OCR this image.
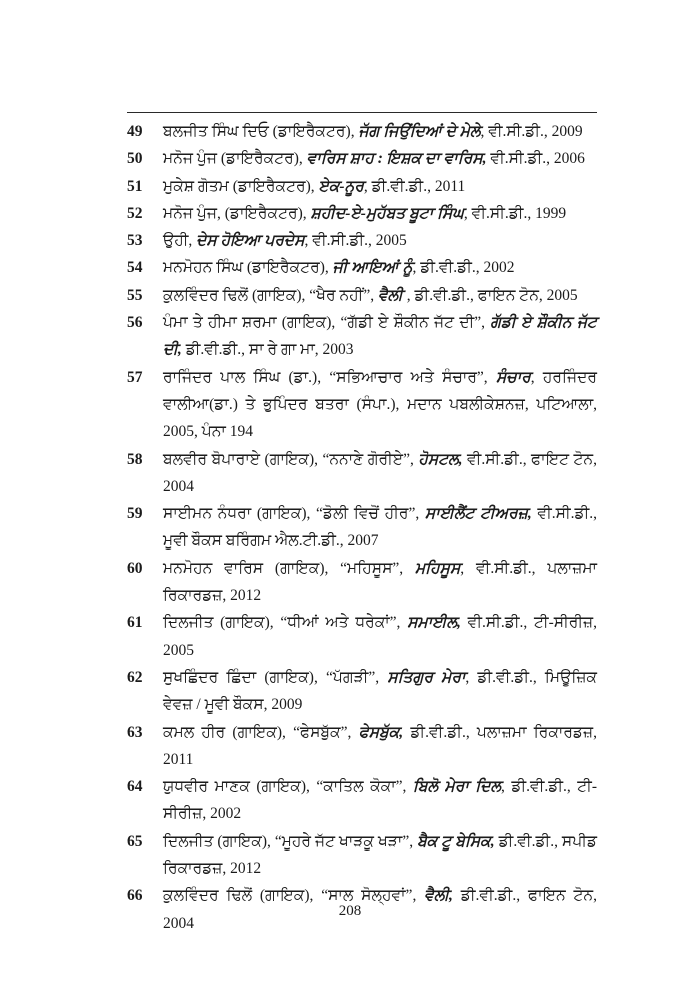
49	ਬਲਜੀਤ ਸਿੰਘ ਦਿਓ (ਡਾਇਰੈਕਟਰ), ਜੱਗ ਜਿਉਂਦਿਆਂ ਦੇ ਮੇਲੇ, ਵੀ.ਸੀ.ਡੀ., 2009
50	ਮਨੋਜ ਪੁੰਜ (ਡਾਇਰੈਕਟਰ), ਵਾਰਿਸ ਸ਼ਾਹ : ਇਸ਼ਕ ਦਾ ਵਾਰਿਸ, ਵੀ.ਸੀ.ਡੀ., 2006
51	ਮੁਕੇਸ਼ ਗੋਤਮ (ਡਾਇਰੈਕਟਰ), ਏਕ-ਨੂਰ, ਡੀ.ਵੀ.ਡੀ., 2011
52	ਮਨੋਜ ਪੁੰਜ, (ਡਾਇਰੈਕਟਰ), ਸ਼ਹੀਦ-ਏ-ਮੁਹੱਬਤ ਬੂਟਾ ਸਿੰਘ, ਵੀ.ਸੀ.ਡੀ., 1999
53	ਉਹੀ, ਦੇਸ ਹੋਇਆ ਪਰਦੇਸ, ਵੀ.ਸੀ.ਡੀ., 2005
54	ਮਨਮੋਹਨ ਸਿੰਘ (ਡਾਇਰੈਕਟਰ), ਜੀ ਆਇਆਂ ਨੂੰ, ਡੀ.ਵੀ.ਡੀ., 2002
55	ਕੁਲਵਿੰਦਰ ਢਿਲੋਂ (ਗਾਇਕ), “ਖੈਰ ਨਹੀਂ”, ਵੈਲੀ , ਡੀ.ਵੀ.ਡੀ., ਫਾਇਨ ਟੋਨ, 2005
56	ਪੰਮਾ ਤੇ ਹੀਮਾ ਸ਼ਰਮਾ (ਗਾਇਕ), “ਗੱਡੀ ਏ ਸ਼ੌਕੀਨ ਜੱਟ ਦੀ”, ਗੱਡੀ ਏ ਸ਼ੌਕੀਨ ਜੱਟ ਦੀ, ਡੀ.ਵੀ.ਡੀ., ਸਾ ਰੇ ਗਾ ਮਾ, 2003
57	ਰਾਜਿੰਦਰ ਪਾਲ ਸਿੰਘ (ਡਾ.), “ਸਭਿਆਚਾਰ ਅਤੇ ਸੰਚਾਰ”, ਸੰਚਾਰ, ਹਰਜਿੰਦਰ ਵਾਲੀਆ(ਡਾ.) ਤੇ ਭੁਪਿੰਦਰ ਬਤਰਾ (ਸੰਪਾ.), ਮਦਾਨ ਪਬਲੀਕੇਸ਼ਨਜ਼, ਪਟਿਆਲਾ, 2005, ਪੰਨਾ 194
58	ਬਲਵੀਰ ਬੋਪਾਰਾਏ (ਗਾਇਕ), “ਨਨਾਣੇ ਗੋਰੀਏ”, ਹੋਸਟਲ, ਵੀ.ਸੀ.ਡੀ., ਫਾਇਟ ਟੋਨ, 2004
59	ਸਾਈਮਨ ਨੰਧਰਾ (ਗਾਇਕ), “ਡੋਲੀ ਵਿਚੋਂ ਹੀਰ”, ਸਾਈਲੈਂਟ ਟੀਅਰਜ਼, ਵੀ.ਸੀ.ਡੀ., ਮੂਵੀ ਬੌਕਸ ਬਰਿੰਗਮ ਐਲ.ਟੀ.ਡੀ., 2007
60	ਮਨਮੋਹਨ ਵਾਰਿਸ (ਗਾਇਕ), “ਮਹਿਸੂਸ”, ਮਹਿਸੂਸ, ਵੀ.ਸੀ.ਡੀ., ਪਲਾਜ਼ਮਾ ਰਿਕਾਰਡਜ਼, 2012
61	ਦਿਲਜੀਤ (ਗਾਇਕ), “ਧੀਆਂ ਅਤੇ ਧਰੇਕਾਂ”, ਸਮਾਈਲ, ਵੀ.ਸੀ.ਡੀ., ਟੀ-ਸੀਰੀਜ਼, 2005
62	ਸੁਖਛਿੰਦਰ ਛਿੰਦਾ (ਗਾਇਕ), “ਪੱਗੜੀ”, ਸਤਿਗੁਰ ਮੇਰਾ, ਡੀ.ਵੀ.ਡੀ., ਮਿਊਜ਼ਿਕ ਵੇਵਜ਼ / ਮੂਵੀ ਬੌਕਸ, 2009
63	ਕਮਲ ਹੀਰ (ਗਾਇਕ), “ਫੇਸਬੁੱਕ”, ਫੇਸਬੁੱਕ, ਡੀ.ਵੀ.ਡੀ., ਪਲਾਜ਼ਮਾ ਰਿਕਾਰਡਜ਼, 2011
64	ਯੁਧਵੀਰ ਮਾਣਕ (ਗਾਇਕ), “ਕਾਤਿਲ ਕੋਕਾ”, ਬਿਲੋ ਮੇਰਾ ਦਿਲ, ਡੀ.ਵੀ.ਡੀ., ਟੀ-ਸੀਰੀਜ਼, 2002
65	ਦਿਲਜੀਤ (ਗਾਇਕ), “ਮੂਹਰੇ ਜੱਟ ਖਾੜਕੂ ਖੜਾ”, ਬੈਕ ਟੂ ਬੇਸਿਕ, ਡੀ.ਵੀ.ਡੀ., ਸਪੀਡ ਰਿਕਾਰਡਜ਼, 2012
66	ਕੁਲਵਿੰਦਰ ਢਿਲੋਂ (ਗਾਇਕ), “ਸਾਲ ਸੋਲ੍ਹਵਾਂ”, ਵੈਲੀ, ਡੀ.ਵੀ.ਡੀ., ਫਾਇਨ ਟੋਨ, 2004
208
